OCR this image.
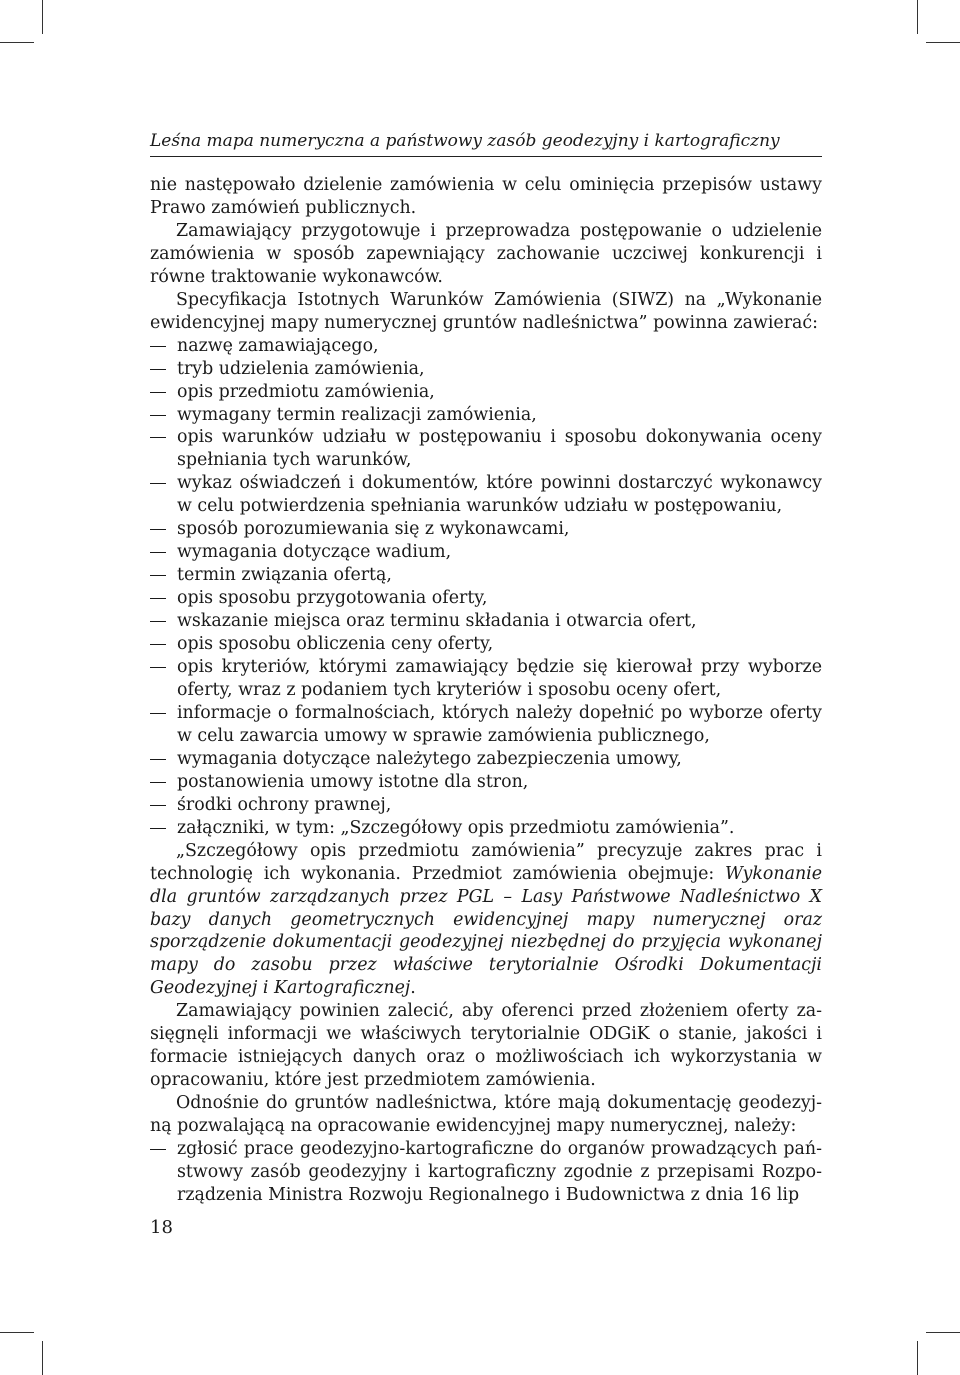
Leśna mapa numeryczna a państwowy zasób geodezyjny i kartograficzny

nie następowało dzielenie zamówienia w celu ominięcia przepisów ustawy Prawo zamówień publicznych.

Zamawiający przygotowuje i przeprowadza postępowanie o udzielenie zamówienia w sposób zapewniający zachowanie uczciwej konkurencji i równe traktowanie wykonawców.

Specyfikacja Istotnych Warunków Zamówienia (SIWZ) na „Wykonanie ewidencyjnej mapy numerycznej gruntów nadleśnictwa” powinna zawierać:

nazwę zamawiającego,
tryb udzielenia zamówienia,
opis przedmiotu zamówienia,
wymagany termin realizacji zamówienia,
opis warunków udziału w postępowaniu i sposobu dokonywania oceny spełniania tych warunków,
wykaz oświadczeń i dokumentów, które powinni dostarczyć wykonawcy w celu potwierdzenia spełniania warunków udziału w postępowaniu,
sposób porozumiewania się z wykonawcami,
wymagania dotyczące wadium,
termin związania ofertą,
opis sposobu przygotowania oferty,
wskazanie miejsca oraz terminu składania i otwarcia ofert,
opis sposobu obliczenia ceny oferty,
opis kryteriów, którymi zamawiający będzie się kierował przy wyborze oferty, wraz z podaniem tych kryteriów i sposobu oceny ofert,
informacje o formalnościach, których należy dopełnić po wyborze oferty w celu zawarcia umowy w sprawie zamówienia publicznego,
wymagania dotyczące należytego zabezpieczenia umowy,
postanowienia umowy istotne dla stron,
środki ochrony prawnej,
załączniki, w tym: „Szczegółowy opis przedmiotu zamówienia”.

„Szczegółowy opis przedmiotu zamówienia” precyzuje zakres prac i technologię ich wykonania. Przedmiot zamówienia obejmuje: Wykonanie dla gruntów zarządzanych przez PGL – Lasy Państwowe Nadleśnictwo X bazy danych geometrycznych ewidencyjnej mapy numerycznej oraz sporządzenie dokumentacji geodezyjnej niezbędnej do przyjęcia wykonanej mapy do zasobu przez właściwe terytorialnie Ośrodki Dokumentacji Geodezyjnej i Kartograficznej.

Zamawiający powinien zalecić, aby oferenci przed złożeniem oferty zasięgnęli informacji we właściwych terytorialnie ODGiK o stanie, jakości i formacie istniejących danych oraz o możliwościach ich wykorzystania w opracowaniu, które jest przedmiotem zamówienia.

Odnośnie do gruntów nadleśnictwa, które mają dokumentację geodezyjną pozwalającą na opracowanie ewidencyjnej mapy numerycznej, należy:

zgłosić prace geodezyjno-kartograficzne do organów prowadzących państwowy zasób geodezyjny i kartograficzny zgodnie z przepisami Rozporządzenia Ministra Rozwoju Regionalnego i Budownictwa z dnia 16 lip
18
